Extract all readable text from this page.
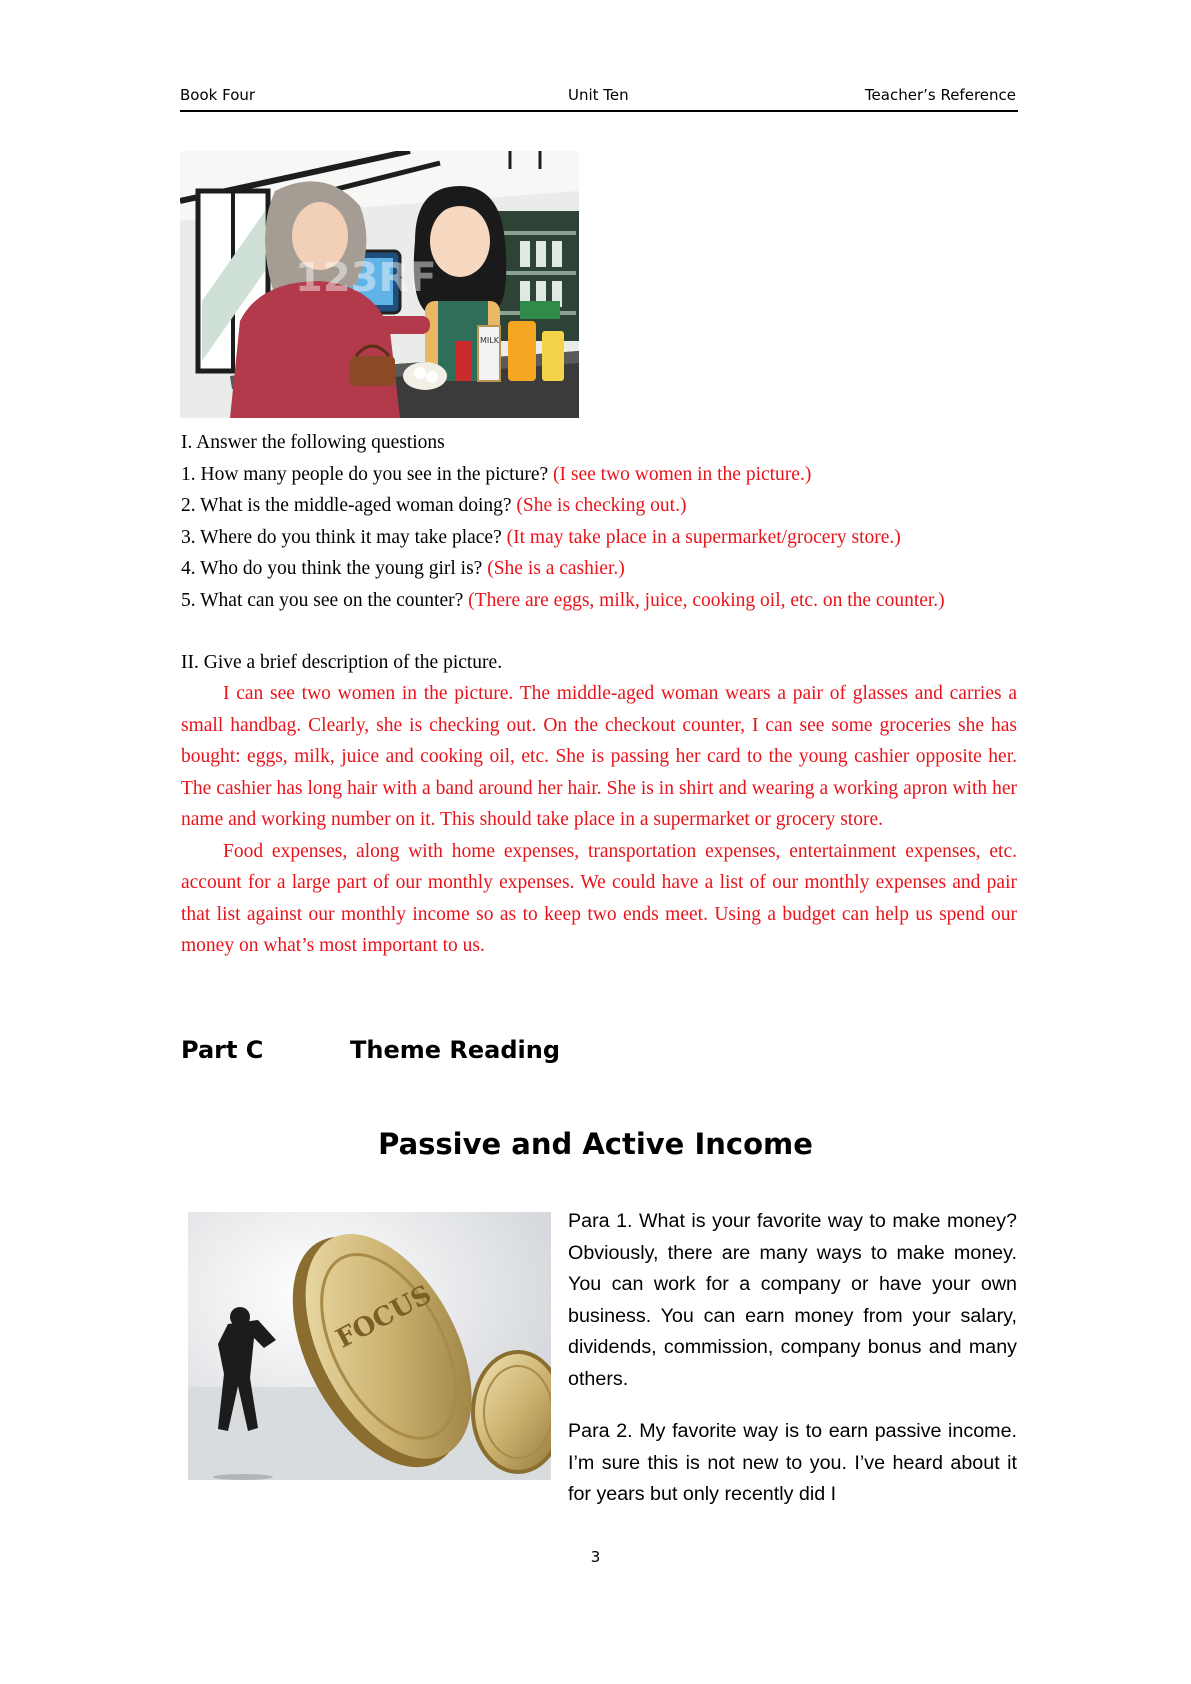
Book Four	Unit Ten	Teacher’s Reference
MILK
123RF
I. Answer the following questions
1. How many people do you see in the picture? (I see two women in the picture.)
2. What is the middle-aged woman doing? (She is checking out.)
3. Where do you think it may take place? (It may take place in a supermarket/grocery store.)
4. Who do you think the young girl is? (She is a cashier.)
5. What can you see on the counter? (There are eggs, milk, juice, cooking oil, etc. on the counter.)
II. Give a brief description of the picture.

I can see two women in the picture. The middle-aged woman wears a pair of glasses and carries a small handbag. Clearly, she is checking out. On the checkout counter, I can see some groceries she has bought: eggs, milk, juice and cooking oil, etc. She is passing her card to the young cashier opposite her. The cashier has long hair with a band around her hair. She is in shirt and wearing a working apron with her name and working number on it. This should take place in a supermarket or grocery store.

Food expenses, along with home expenses, transportation expenses, entertainment expenses, etc. account for a large part of our monthly expenses. We could have a list of our monthly expenses and pair that list against our monthly income so as to keep two ends meet. Using a budget can help us spend our money on what’s most important to us.

Part C	Theme Reading
Passive and Active Income
FOCUS
Para 1. What is your favorite way to make money? Obviously, there are many ways to make money. You can work for a company or have your own business. You can earn money from your salary, dividends, commission, company bonus and many others.
Para 2. My favorite way is to earn passive income. I’m sure this is not new to you. I’ve heard about it for years but only recently did I
3
